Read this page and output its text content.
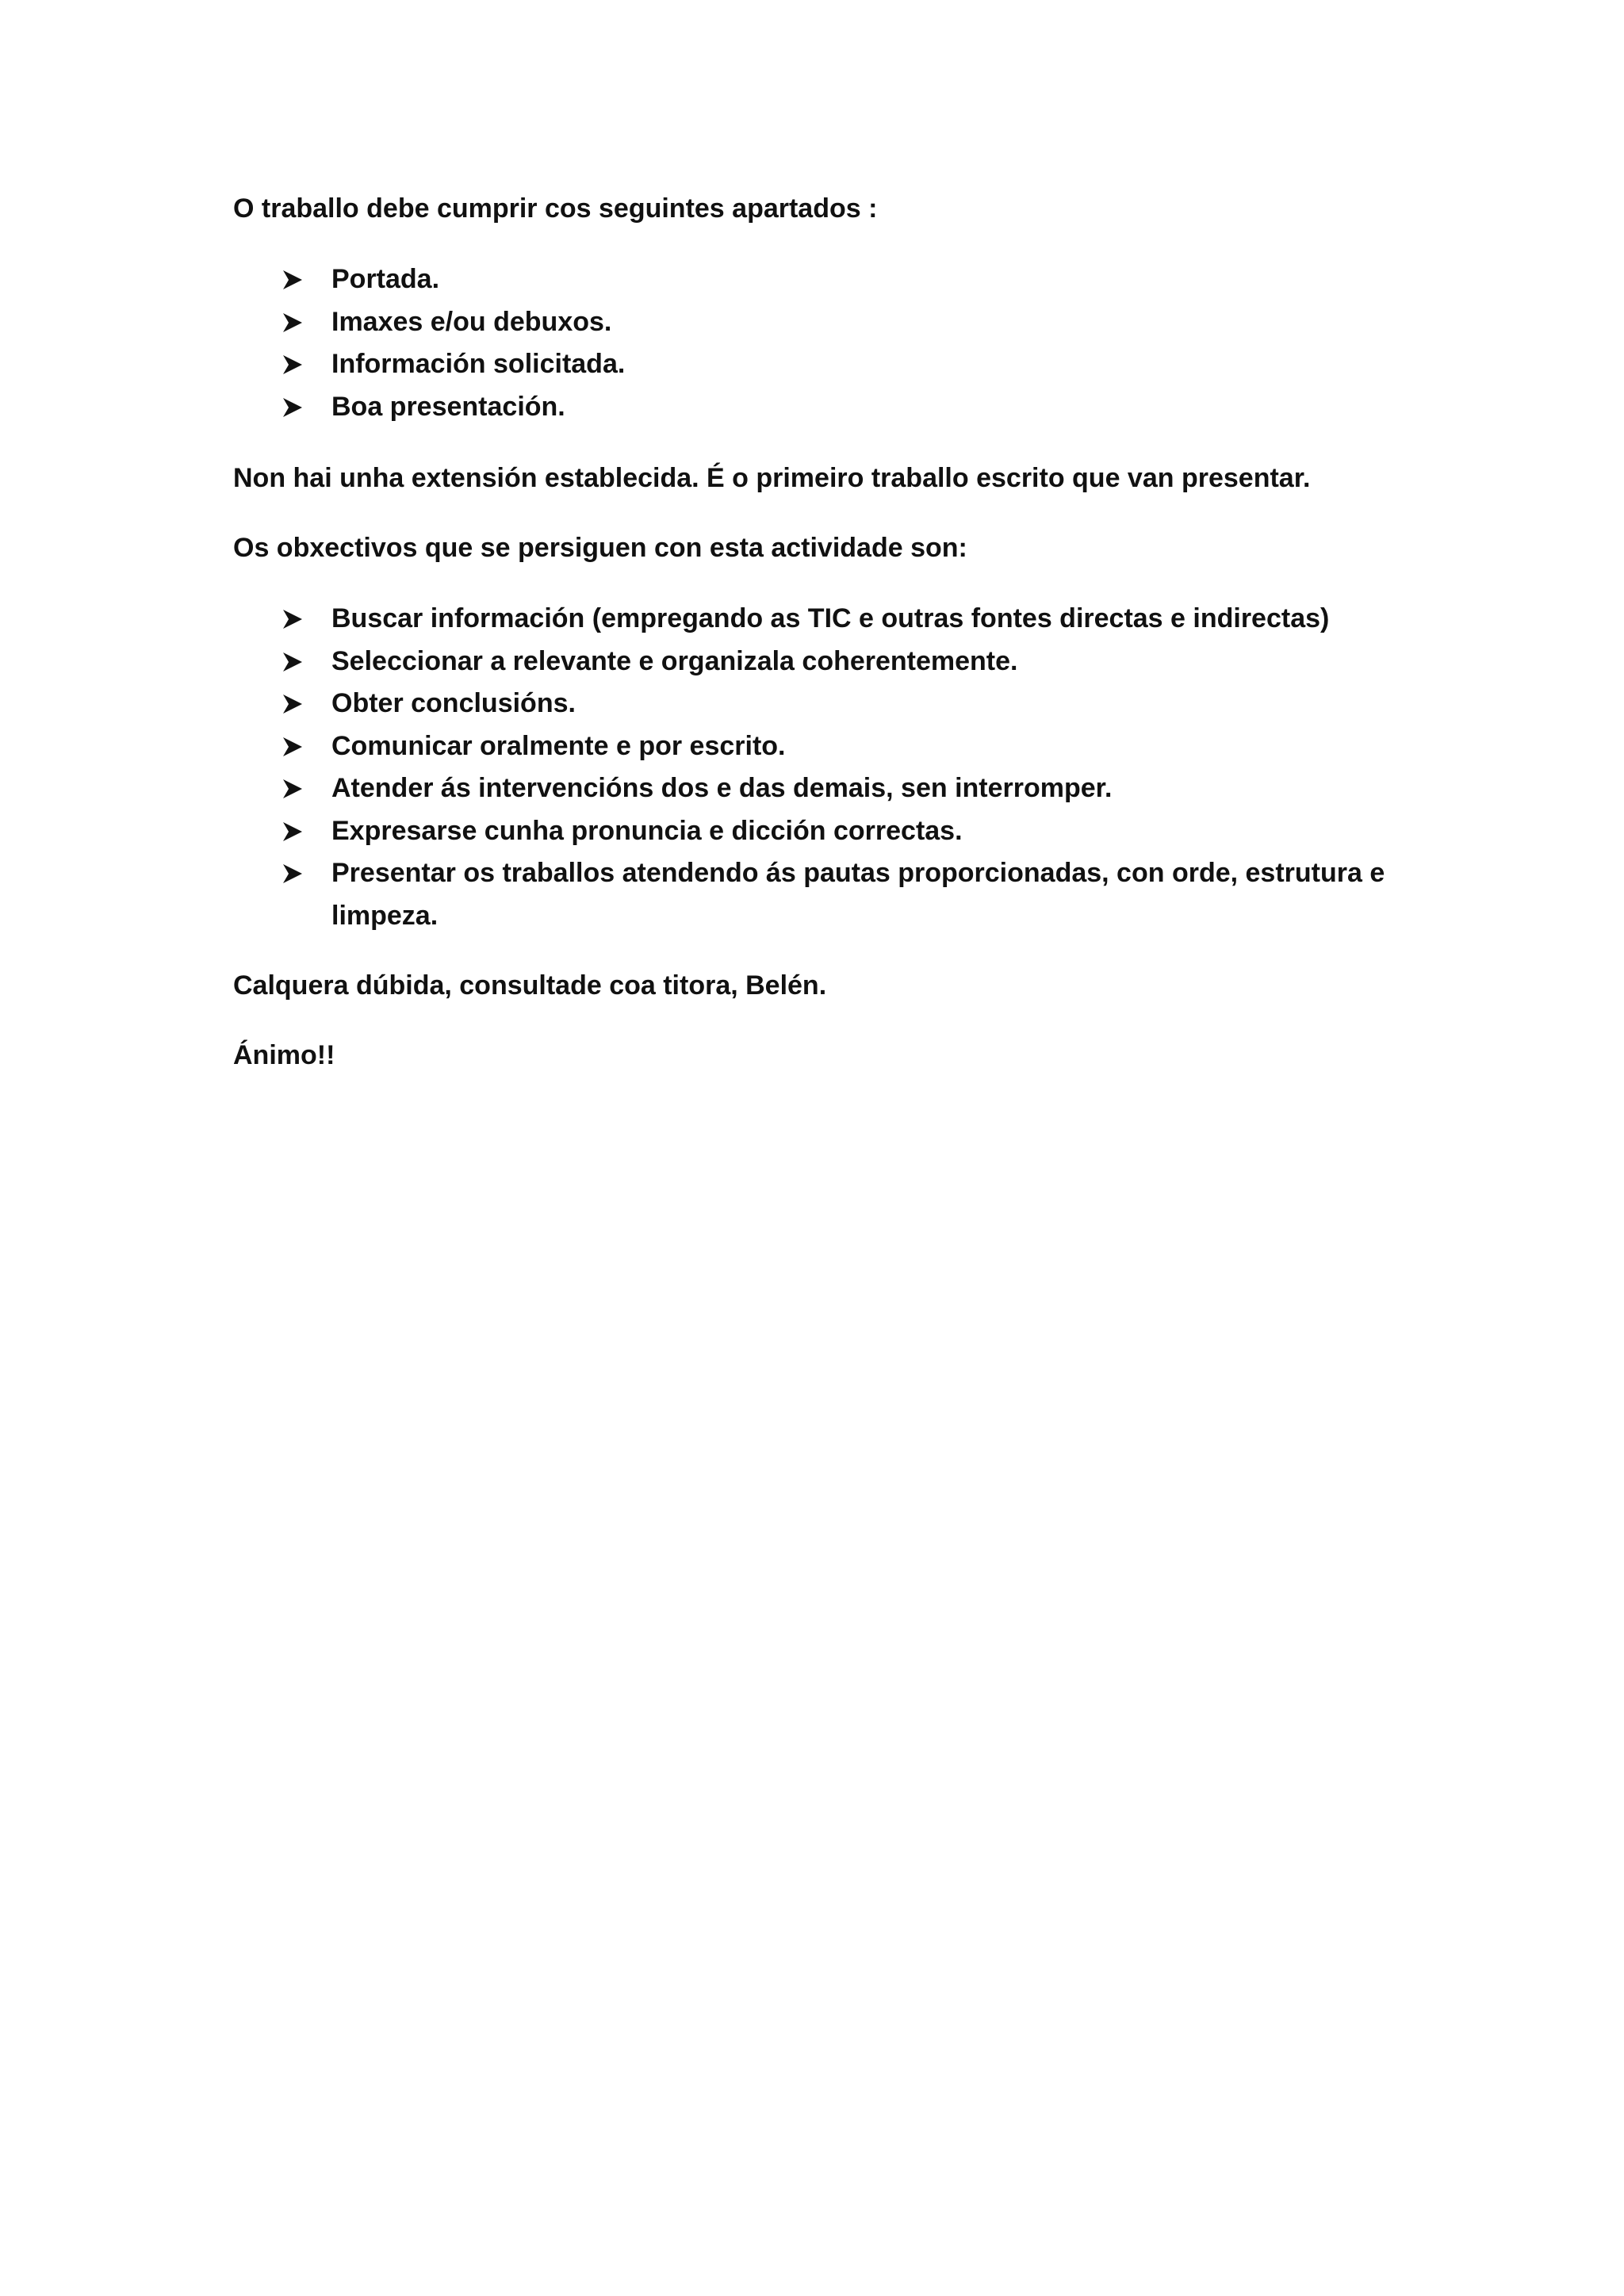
O traballo debe cumprir cos seguintes apartados :

Portada.
Imaxes e/ou debuxos.
Información solicitada.
Boa presentación.

Non hai unha extensión establecida. É o primeiro traballo escrito que van presentar.

Os obxectivos que se persiguen con esta actividade son:

Buscar información (empregando as TIC e outras fontes directas e indirectas)
Seleccionar a relevante e organizala coherentemente.
Obter conclusións.
Comunicar oralmente e por escrito.
Atender ás intervencións dos e das demais, sen interromper.
Expresarse cunha pronuncia e dicción correctas.
Presentar os traballos atendendo ás pautas proporcionadas, con orde, estrutura e limpeza.

Calquera dúbida, consultade coa titora, Belén.

Ánimo!!
